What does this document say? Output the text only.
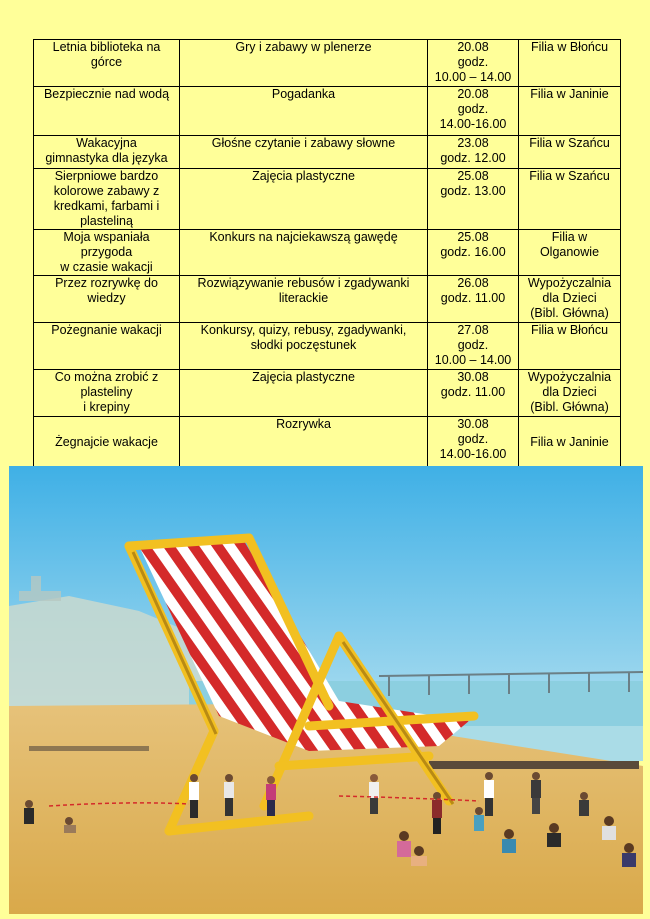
Letnia biblioteka na
górce	Gry i zabawy w plenerze	20.08
godz.
10.00 – 14.00	Filia w Błońcu
Bezpiecznie nad wodą	Pogadanka	20.08
godz.
14.00-16.00	Filia w Janinie
Wakacyjna
gimnastyka dla języka	Głośne czytanie i zabawy słowne	23.08
godz. 12.00	Filia w Szańcu
Sierpniowe bardzo
kolorowe zabawy z
kredkami, farbami i
plasteliną	Zajęcia plastyczne	25.08
godz. 13.00	Filia w Szańcu
Moja wspaniała
przygoda
w czasie wakacji	Konkurs na najciekawszą gawędę	25.08
godz. 16.00	Filia w
Olganowie
Przez rozrywkę do
wiedzy	Rozwiązywanie rebusów i zgadywanki
literackie	26.08
godz. 11.00	Wypożyczalnia
dla Dzieci
(Bibl. Główna)
Pożegnanie wakacji	Konkursy, quizy, rebusy, zgadywanki,
słodki poczęstunek	27.08
godz.
10.00 – 14.00	Filia w Błońcu
Co można zrobić z
plasteliny
i krepiny	Zajęcia plastyczne	30.08
godz. 11.00	Wypożyczalnia
dla Dzieci
(Bibl. Główna)
Żegnajcie wakacje	Rozrywka	30.08
godz.
14.00-16.00	Filia w Janinie
